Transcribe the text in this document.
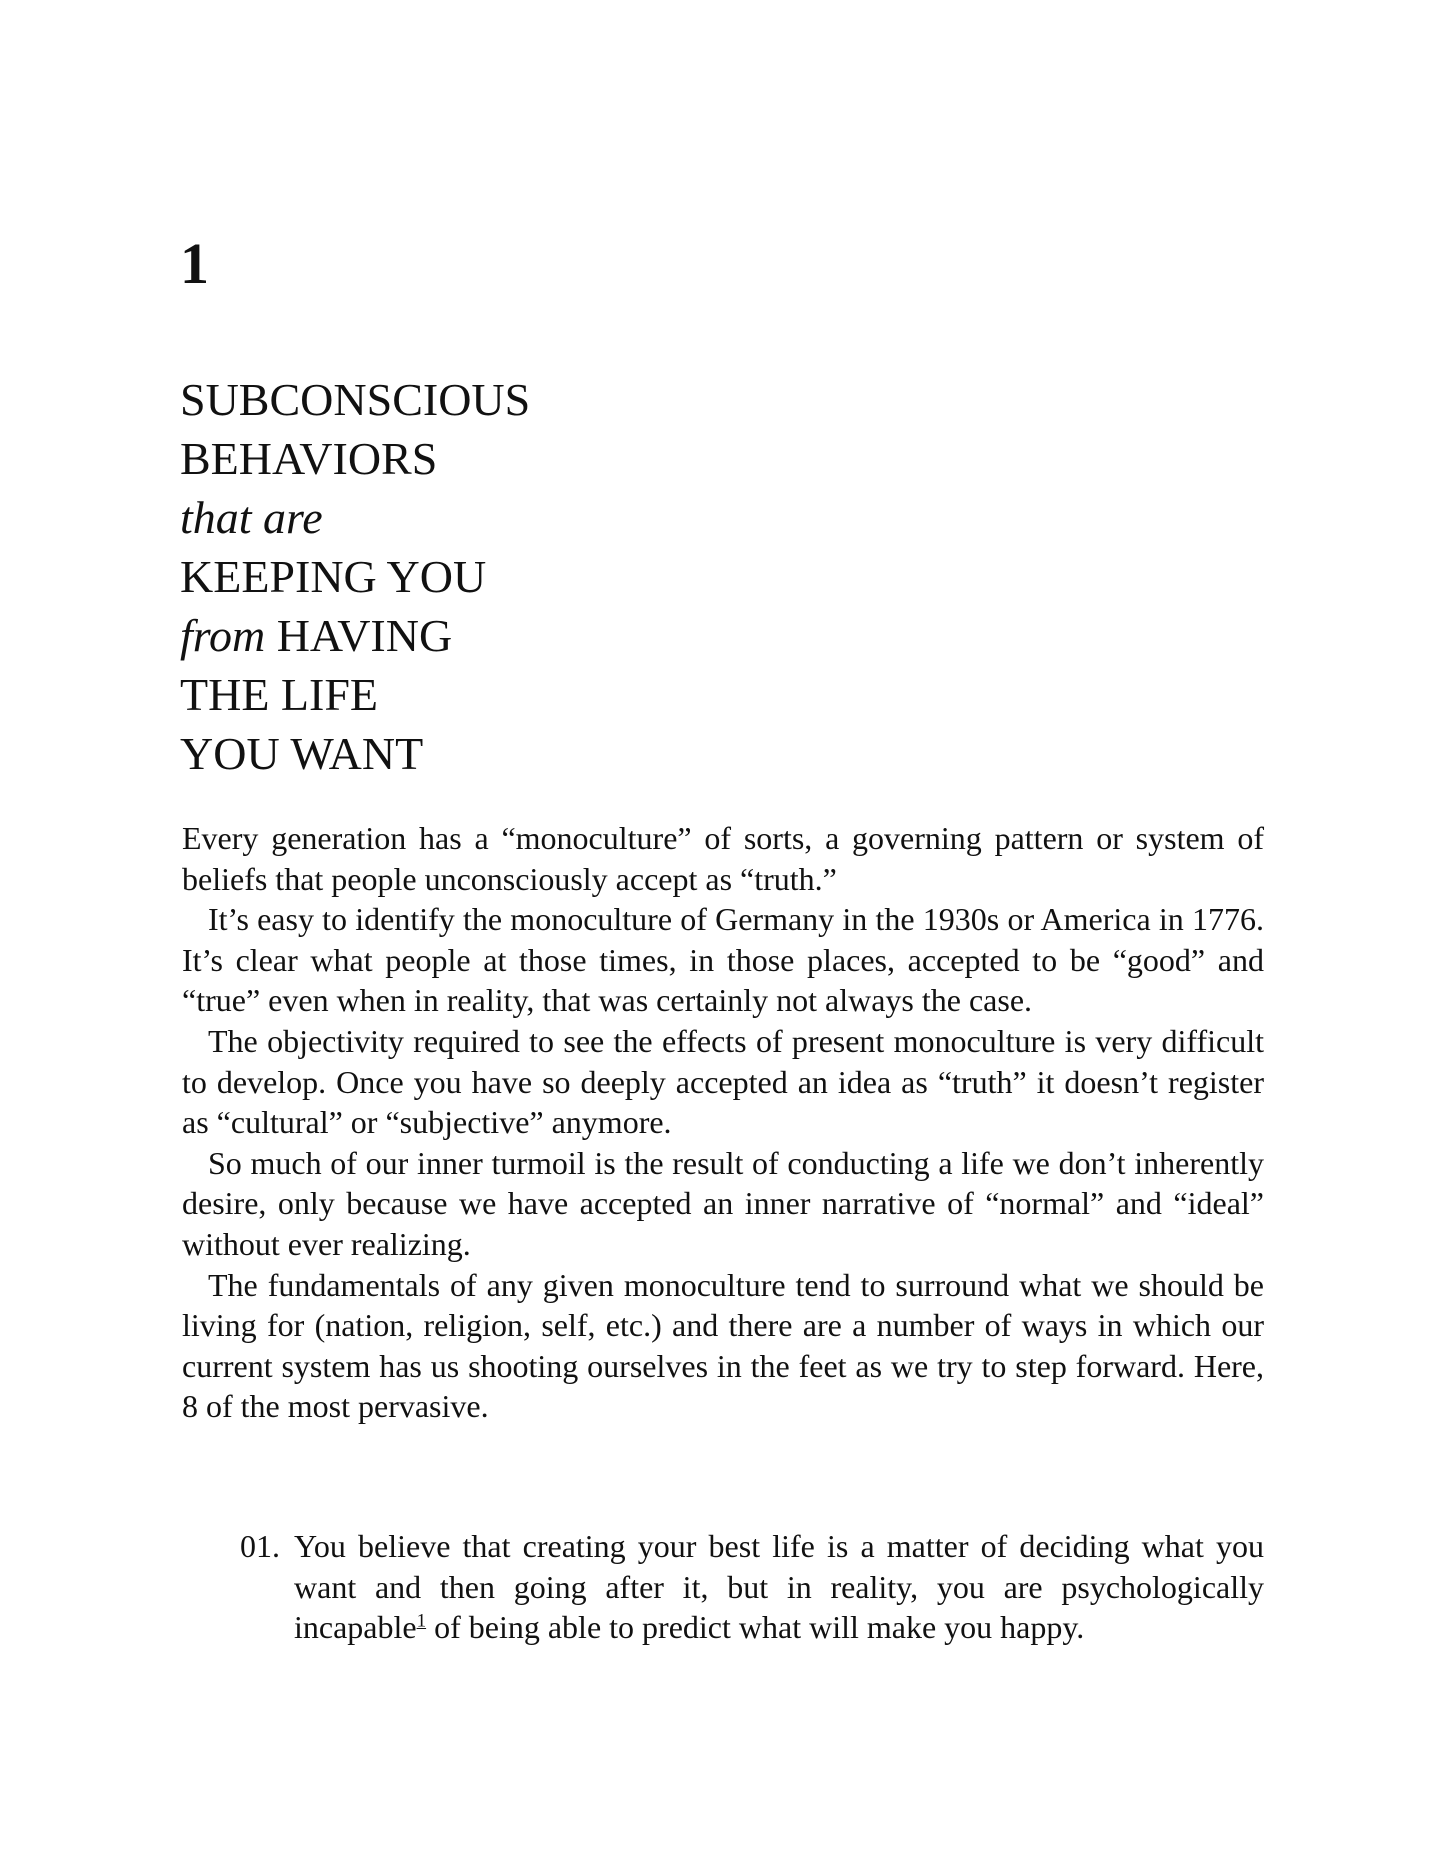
1
SUBCONSCIOUS
BEHAVIORS
that are
KEEPING YOU
from HAVING
THE LIFE
YOU WANT

Every generation has a “monoculture” of sorts, a governing pattern or system of beliefs that people unconsciously accept as “truth.”

It’s easy to identify the monoculture of Germany in the 1930s or America in 1776. It’s clear what people at those times, in those places, accepted to be “good” and “true” even when in reality, that was certainly not always the case.

The objectivity required to see the effects of present monoculture is very difficult to develop. Once you have so deeply accepted an idea as “truth” it doesn’t register as “cultural” or “subjective” anymore.

So much of our inner turmoil is the result of conducting a life we don’t inherently desire, only because we have accepted an inner narrative of “normal” and “ideal” without ever realizing.

The fundamentals of any given monoculture tend to surround what we should be living for (nation, religion, self, etc.) and there are a number of ways in which our current system has us shooting ourselves in the feet as we try to step forward. Here, 8 of the most pervasive.

01. You believe that creating your best life is a matter of deciding what you want and then going after it, but in reality, you are psychologically incapable$^1$ of being able to predict what will make you happy.
